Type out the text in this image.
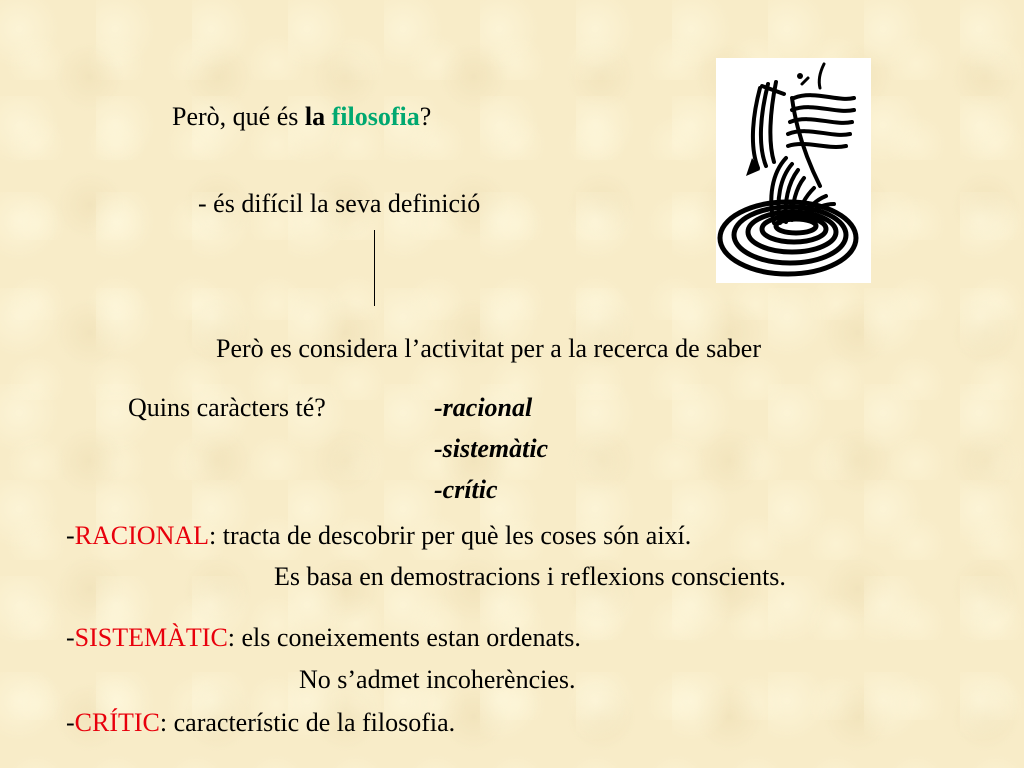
Però, qué és la filosofia?
- és difícil la seva definició
Però es considera l’activitat per a la recerca de saber
Quins caràcters té?	-racional
-sistemàtic
-crític
-RACIONAL: tracta de descobrir per què les coses són així.
Es basa en demostracions i reflexions conscients.
-SISTEMÀTIC: els coneixements estan ordenats.
No s’admet incoherències.
-CRÍTIC: característic de la filosofia.
